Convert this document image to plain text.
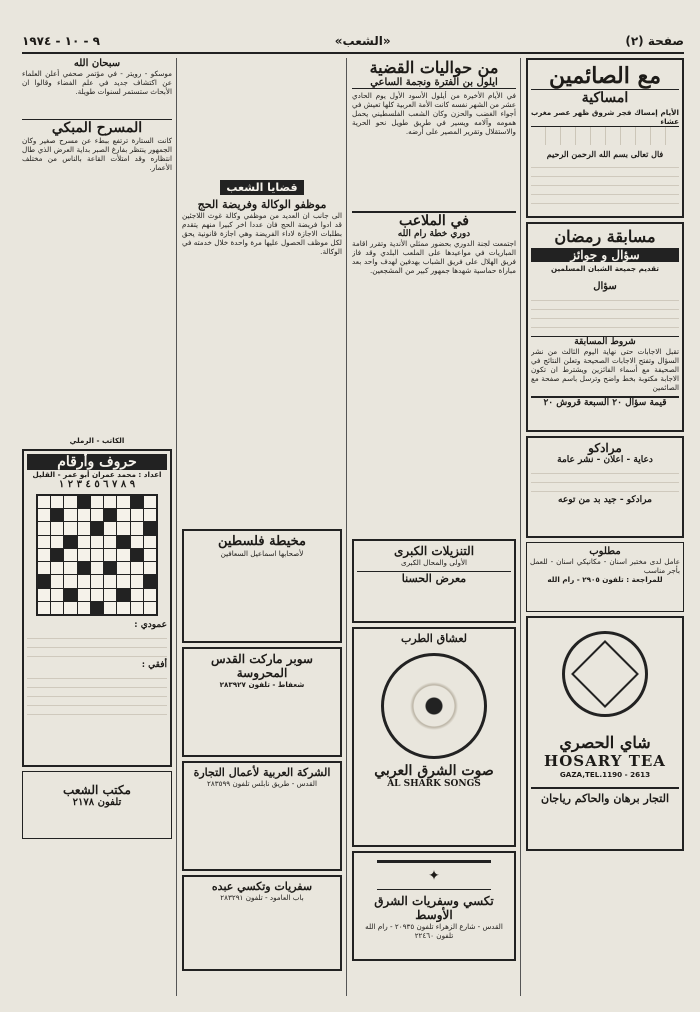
صفحة (٢)
«الشعب»
٩ - ١٠ - ١٩٧٤
مع الصائمين
امساكية
الأيام إمساك فجر شروق ظهر عصر مغرب عشاء
فال تعالى بسم الله الرحمن الرحيم
مسابقة رمضان
سؤال و جوائز
تقديم جميعة الشبان المسلمين
سؤال
شروط المسابقة
تقبل الاجابات حتى نهاية اليوم الثالث من نشر السؤال وتفتح الاجابات الصحيحة وتعلن النتائج في الصحيفة مع أسماء الفائزين ويشترط ان تكون الاجابة مكتوبة بخط واضح وترسل باسم صفحة مع الصائمين
قيمة سؤال ٢٠ السبعة قروش ٢٠
مرادكو
دعاية - اعلان - نشر عامة
مرادكو - جيد بد من توعه
مطلوب
عامل لدى مختبر اسنان - مكانيكي اسنان - للعمل بأجر مناسب
للمراجعة : تلفون ٢٩٠٥ - رام الله
شاي الحصري
HOSARY TEA
GAZA,TEL.1190 - 2613
التجار برهان والحاكم رياجان
من حواليات القضية
ايلول بن الفترة ونجمة الساعي
في الأيام الأخيرة من أيلول الأسود الأول يوم الحادي عشر من الشهر نفسه كانت الأمة العربية كلها تعيش في أجواء الغضب والحزن وكان الشعب الفلسطيني يحمل همومه وآلامه ويسير في طريق طويل نحو الحرية والاستقلال وتقرير المصير على أرضه.
في الملاعب
دوري خطة رام الله
اجتمعت لجنة الدوري بحضور ممثلي الأندية وتقرر اقامة المباريات في مواعيدها على الملعب البلدي وقد فاز فريق الهلال على فريق الشباب بهدفين لهدف واحد بعد مباراة حماسية شهدها جمهور كبير من المشجعين.
التنزيلات الكبرى
الأولى والمحال الكبرى
معرض الحسنا
لعشاق الطرب
صوت الشرق العربي
AL SHARK SONGS
✦
تكسي وسفريات الشرق الأوسط
القدس - شارع الزهراء تلفون ٢٠٩٣٥ - رام الله تلفون ٢٢٤٦٠
قضايا الشعب
موظفو الوكالة وفريضة الحج
الى جانب ان العديد من موظفي وكالة غوث اللاجئين قد ادوا فريضة الحج فان عددا اخر كبيرا منهم يتقدم بطلبات الاجازة لاداء الفريضة وهي اجازة قانونية يحق لكل موظف الحصول عليها مرة واحدة خلال خدمته في الوكالة.
مخيطة فلسطين
لأصحابها اسماعيل السعافين
سوبر ماركت القدس المحروسة
شعفاط - تلفون ٢٨٣٩٢٧
الشركة العربية لأعمال التجارة
القدس - طريق نابلس تلفون ٢٨٣٥٩٩
سفريات وتكسي عبده
باب العامود - تلفون ٢٨٣٢٩١
سبحان الله
موسكو - رويتر - في مؤتمر صحفي أعلن العلماء عن اكتشاف جديد في علم الفضاء وقالوا ان الأبحاث ستستمر لسنوات طويلة.
المسرح المبكي
كانت الستارة ترتفع ببطء عن مسرح صغير وكان الجمهور ينتظر بفارغ الصبر بداية العرض الذي طال انتظاره وقد امتلأت القاعة بالناس من مختلف الأعمار.
الكاتب - الرملي
حروف وأرقام
اعداد : محمد عمران أبو عمر - القليل
٩ ٨ ٧ ٦ ٥ ٤ ٣ ٢ ١
عمودي :
أفقي :
مكتب الشعب
تلفون ٢١٧٨
